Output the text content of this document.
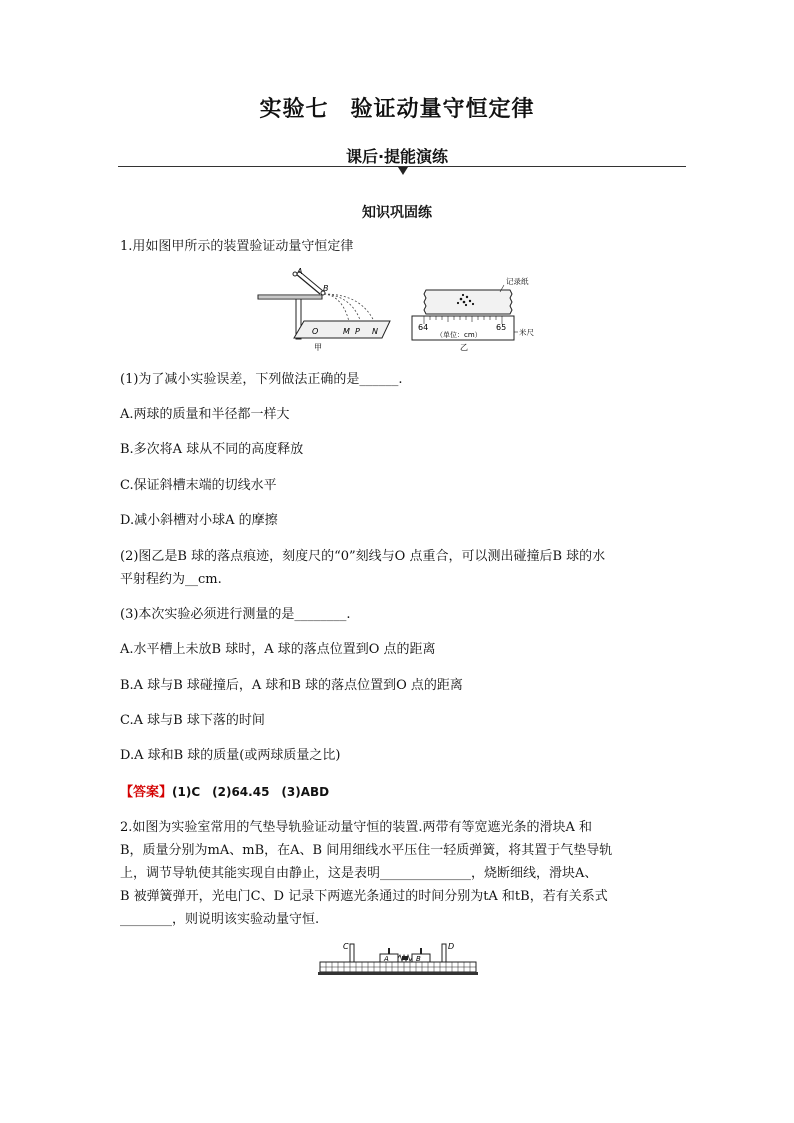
实验七 验证动量守恒定律
课后·提能演练
知识巩固练
1.用如图甲所示的装置验证动量守恒定律
A
B
O	M P N
甲
记录纸
64	65
（单位：cm）	米尺
乙
(1)为了减小实验误差，下列做法正确的是______.
A.两球的质量和半径都一样大
B.多次将A 球从不同的高度释放
C.保证斜槽末端的切线水平
D.减小斜槽对小球A 的摩擦
(2)图乙是B 球的落点痕迹，刻度尺的“0”刻线与O 点重合，可以测出碰撞后B 球的水
平射程约为__cm.
(3)本次实验必须进行测量的是________.
A.水平槽上未放B 球时，A 球的落点位置到O 点的距离
B.A 球与B 球碰撞后，A 球和B 球的落点位置到O 点的距离
C.A 球与B 球下落的时间
D.A 球和B 球的质量(或两球质量之比)
【答案】(1)C　(2)64.45　(3)ABD
2.如图为实验室常用的气垫导轨验证动量守恒的装置.两带有等宽遮光条的滑块A 和
B，质量分别为mA、mB，在A、B 间用细线水平压住一轻质弹簧，将其置于气垫导轨
上，调节导轨使其能实现自由静止，这是表明______________，烧断细线，滑块A、
B 被弹簧弹开，光电门C、D 记录下两遮光条通过的时间分别为tA 和tB，若有关系式
________，则说明该实验动量守恒.
C	D
A	B
